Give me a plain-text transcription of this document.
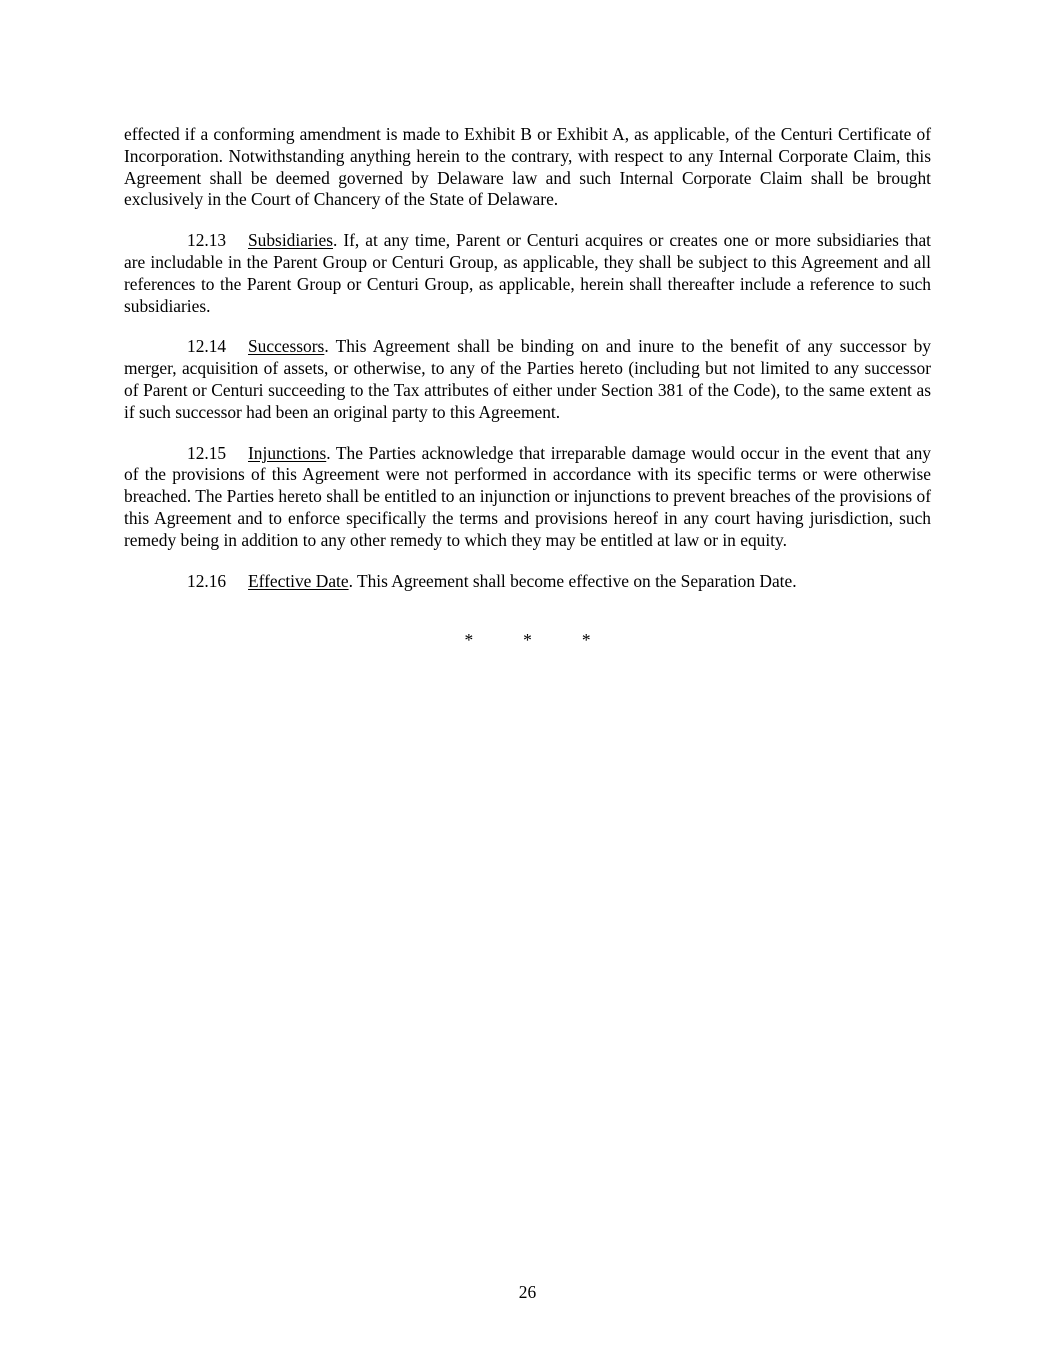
effected if a conforming amendment is made to Exhibit B or Exhibit A, as applicable, of the Centuri Certificate of Incorporation. Notwithstanding anything herein to the contrary, with respect to any Internal Corporate Claim, this Agreement shall be deemed governed by Delaware law and such Internal Corporate Claim shall be brought exclusively in the Court of Chancery of the State of Delaware.

12.13 Subsidiaries. If, at any time, Parent or Centuri acquires or creates one or more subsidiaries that are includable in the Parent Group or Centuri Group, as applicable, they shall be subject to this Agreement and all references to the Parent Group or Centuri Group, as applicable, herein shall thereafter include a reference to such subsidiaries.

12.14 Successors. This Agreement shall be binding on and inure to the benefit of any successor by merger, acquisition of assets, or otherwise, to any of the Parties hereto (including but not limited to any successor of Parent or Centuri succeeding to the Tax attributes of either under Section 381 of the Code), to the same extent as if such successor had been an original party to this Agreement.

12.15 Injunctions. The Parties acknowledge that irreparable damage would occur in the event that any of the provisions of this Agreement were not performed in accordance with its specific terms or were otherwise breached. The Parties hereto shall be entitled to an injunction or injunctions to prevent breaches of the provisions of this Agreement and to enforce specifically the terms and provisions hereof in any court having jurisdiction, such remedy being in addition to any other remedy to which they may be entitled at law or in equity.

12.16 Effective Date. This Agreement shall become effective on the Separation Date.

*	*	*
26
